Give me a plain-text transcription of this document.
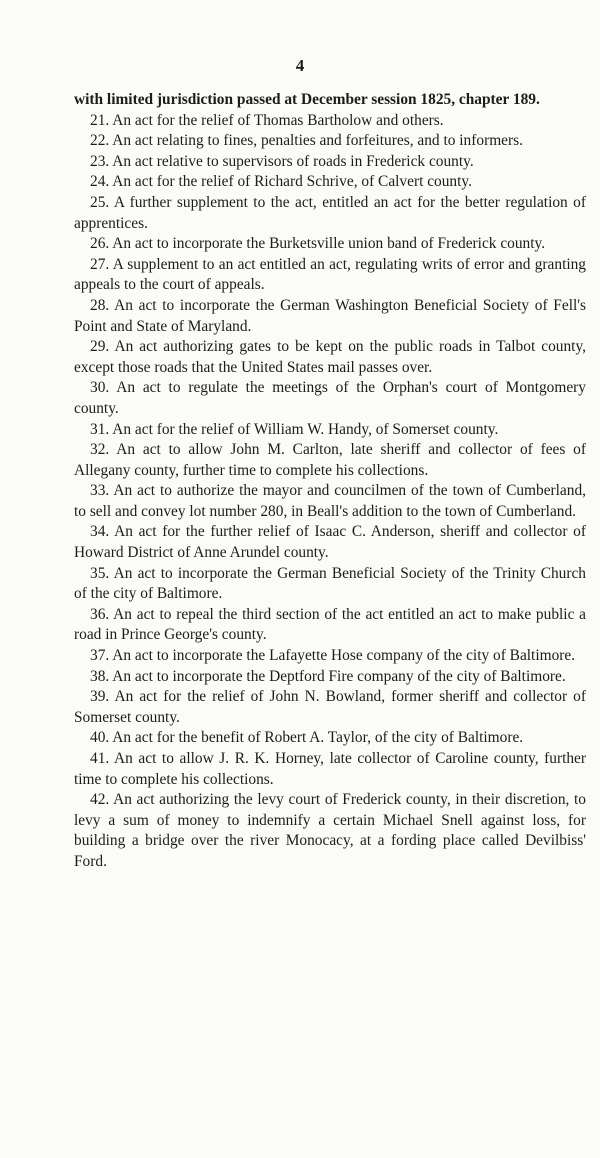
4

with limited jurisdiction passed at December session 1825, chapter 189.

21. An act for the relief of Thomas Bartholow and others.

22. An act relating to fines, penalties and forfeitures, and to informers.

23. An act relative to supervisors of roads in Frederick county.

24. An act for the relief of Richard Schrive, of Calvert county.

25. A further supplement to the act, entitled an act for the better regulation of apprentices.

26. An act to incorporate the Burketsville union band of Frederick county.

27. A supplement to an act entitled an act, regulating writs of error and granting appeals to the court of appeals.

28. An act to incorporate the German Washington Beneficial Society of Fell's Point and State of Maryland.

29. An act authorizing gates to be kept on the public roads in Talbot county, except those roads that the United States mail passes over.

30. An act to regulate the meetings of the Orphan's court of Montgomery county.

31. An act for the relief of William W. Handy, of Somerset county.

32. An act to allow John M. Carlton, late sheriff and collector of fees of Allegany county, further time to complete his collections.

33. An act to authorize the mayor and councilmen of the town of Cumberland, to sell and convey lot number 280, in Beall's addition to the town of Cumberland.

34. An act for the further relief of Isaac C. Anderson, sheriff and collector of Howard District of Anne Arundel county.

35. An act to incorporate the German Beneficial Society of the Trinity Church of the city of Baltimore.

36. An act to repeal the third section of the act entitled an act to make public a road in Prince George's county.

37. An act to incorporate the Lafayette Hose company of the city of Baltimore.

38. An act to incorporate the Deptford Fire company of the city of Baltimore.

39. An act for the relief of John N. Bowland, former sheriff and collector of Somerset county.

40. An act for the benefit of Robert A. Taylor, of the city of Baltimore.

41. An act to allow J. R. K. Horney, late collector of Caroline county, further time to complete his collections.

42. An act authorizing the levy court of Frederick county, in their discretion, to levy a sum of money to indemnify a certain Michael Snell against loss, for building a bridge over the river Monocacy, at a fording place called Devilbiss' Ford.
